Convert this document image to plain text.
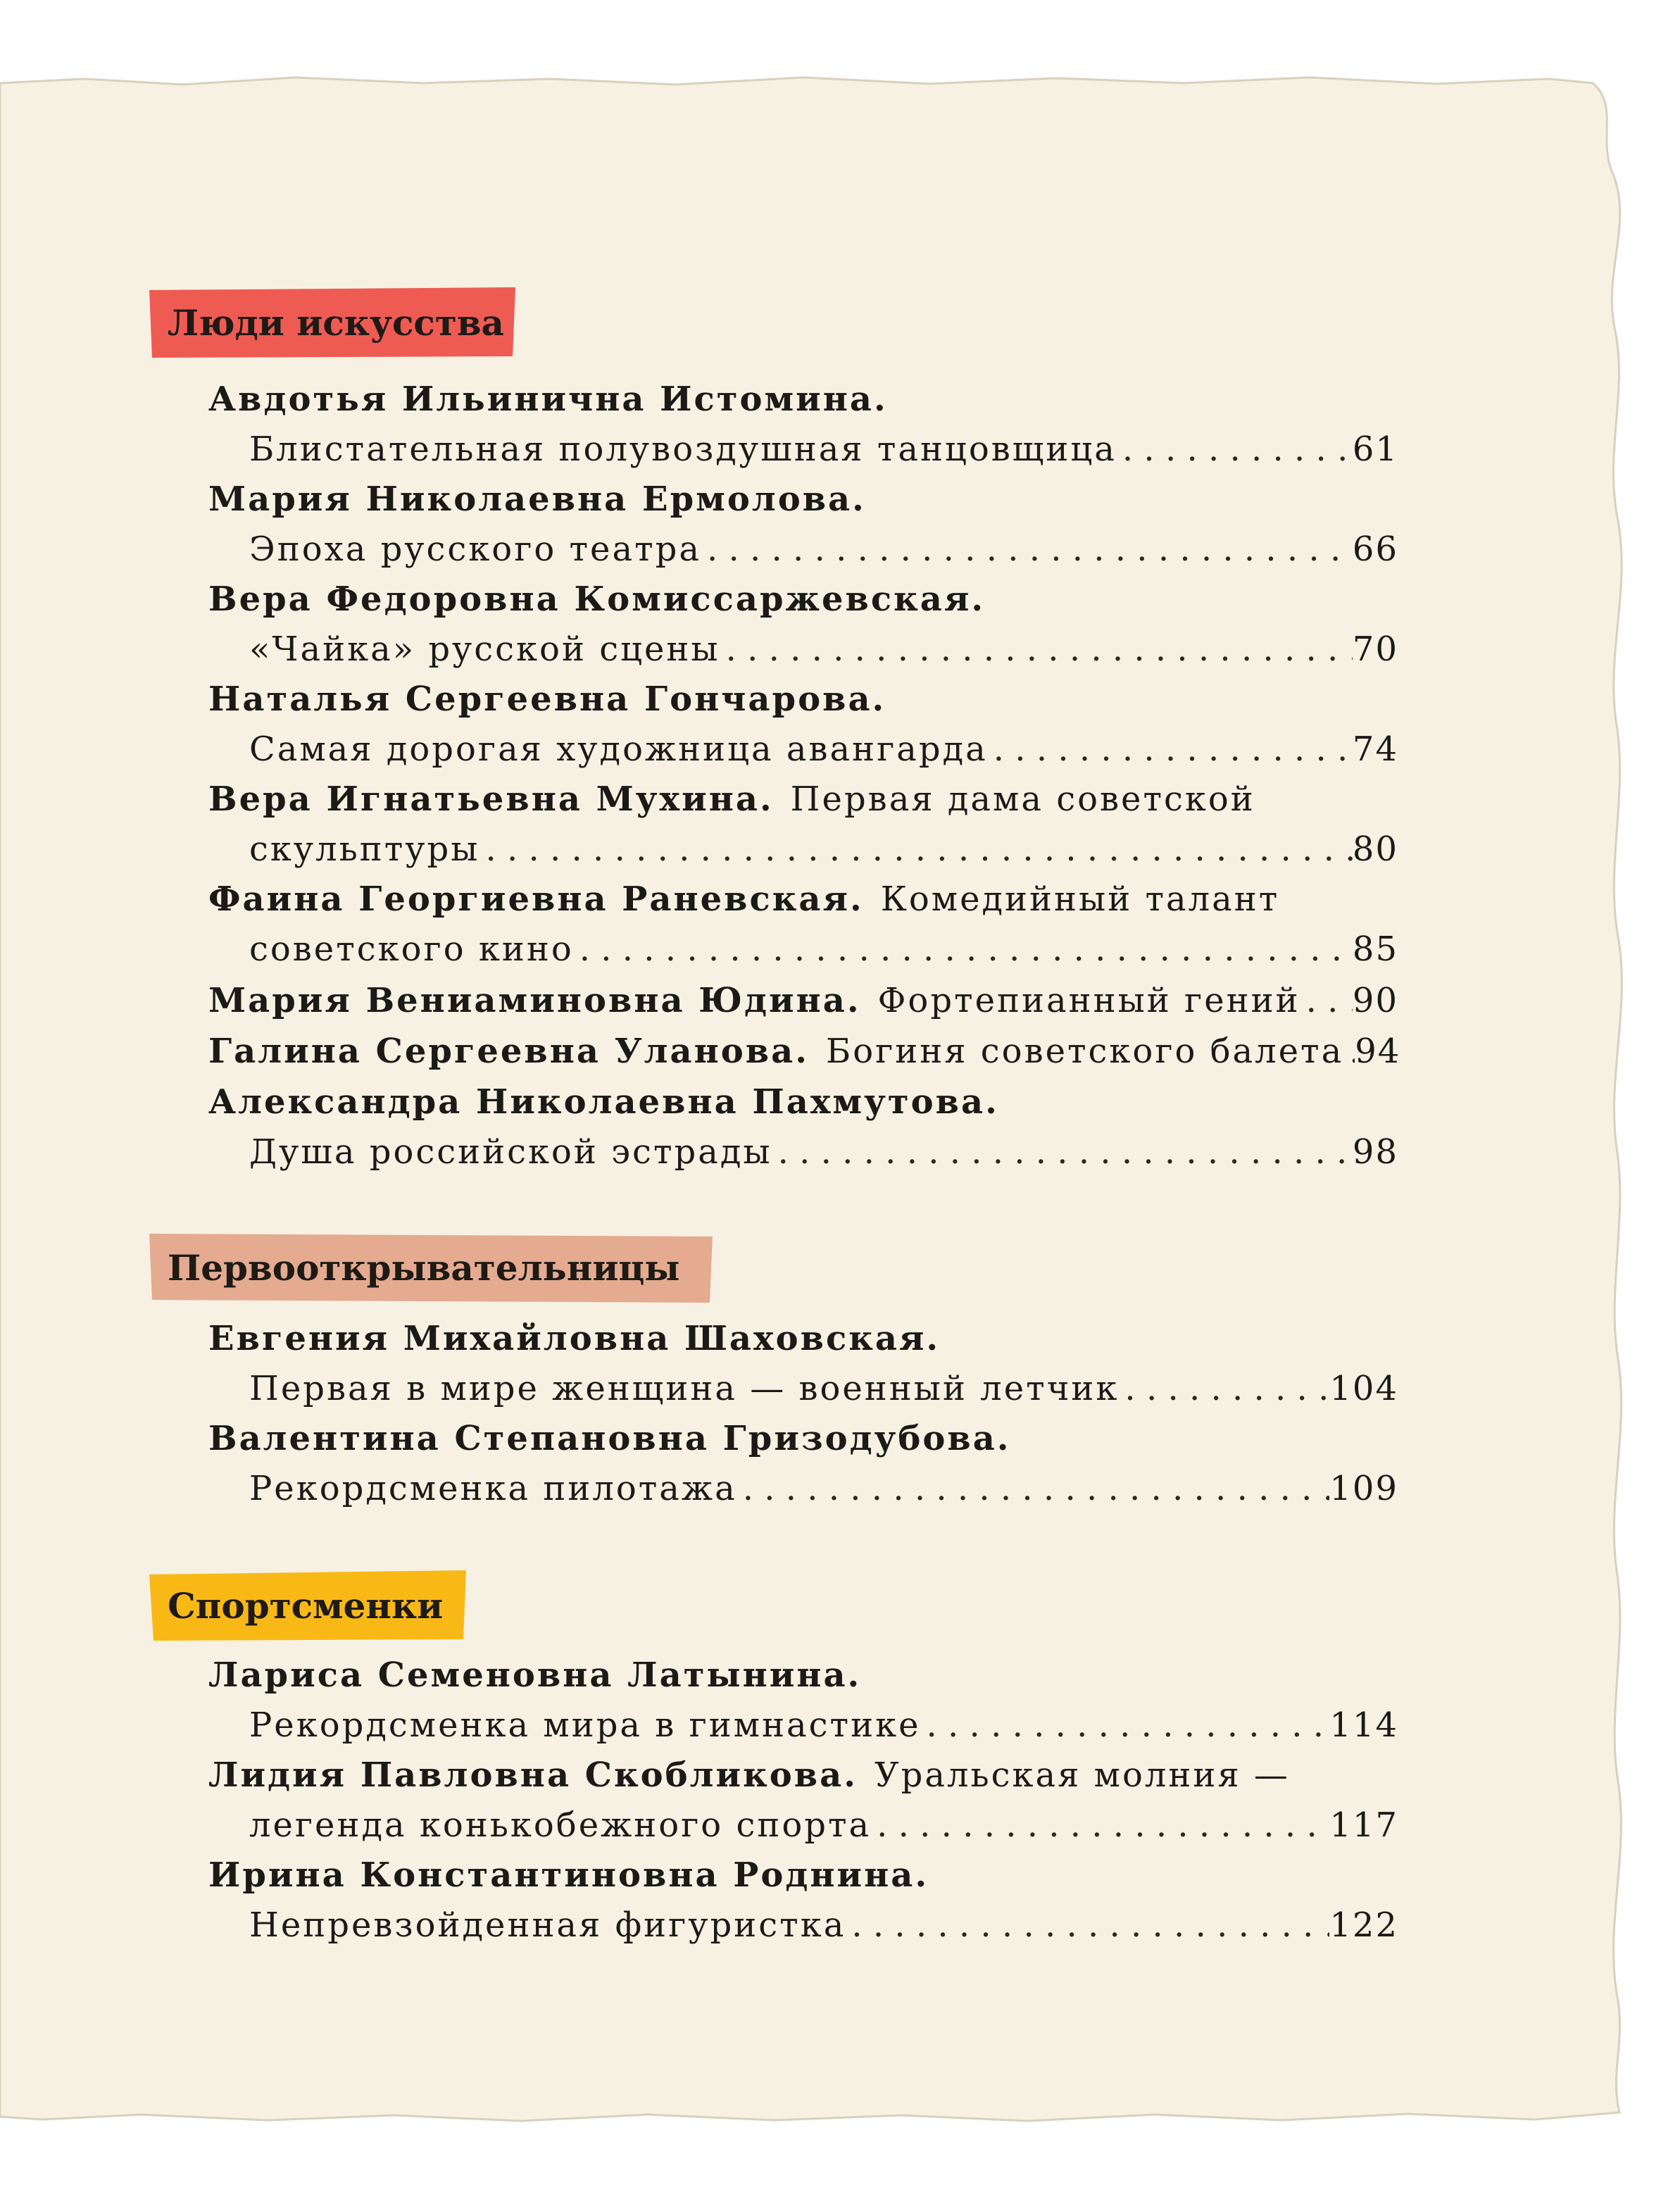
Люди искусства
Первооткрывательницы
Спортсменки
Авдотья Ильинична Истомина.
Блистательная полувоздушная танцовщица . . .	61
Мария Николаевна Ермолова.
Эпоха русского театра . . .	66
Вера Федоровна Комиссаржевская.
«Чайка» русской сцены . . .	70
Наталья Сергеевна Гончарова.
Самая дорогая художница авангарда . . .	74
Вера Игнатьевна Мухина. Первая дама советской
скульптуры . . .	80
Фаина Георгиевна Раневская. Комедийный талант
советского кино . . .	85
Мария Вениаминовна Юдина. Фортепианный гений . . . 90
Галина Сергеевна Уланова. Богиня советского балета . . . 94
Александра Николаевна Пахмутова.
Душа российской эстрады . . .	98
Евгения Михайловна Шаховская.
Первая в мире женщина — военный летчик . . .	104
Валентина Степановна Гризодубова.
Рекордсменка пилотажа . . .	109
Лариса Семеновна Латынина.
Рекордсменка мира в гимнастике . . .	114
Лидия Павловна Скобликова. Уральская молния —
легенда конькобежного спорта . . .	117
Ирина Константиновна Роднина.
Непревзойденная фигуристка . . .	122
